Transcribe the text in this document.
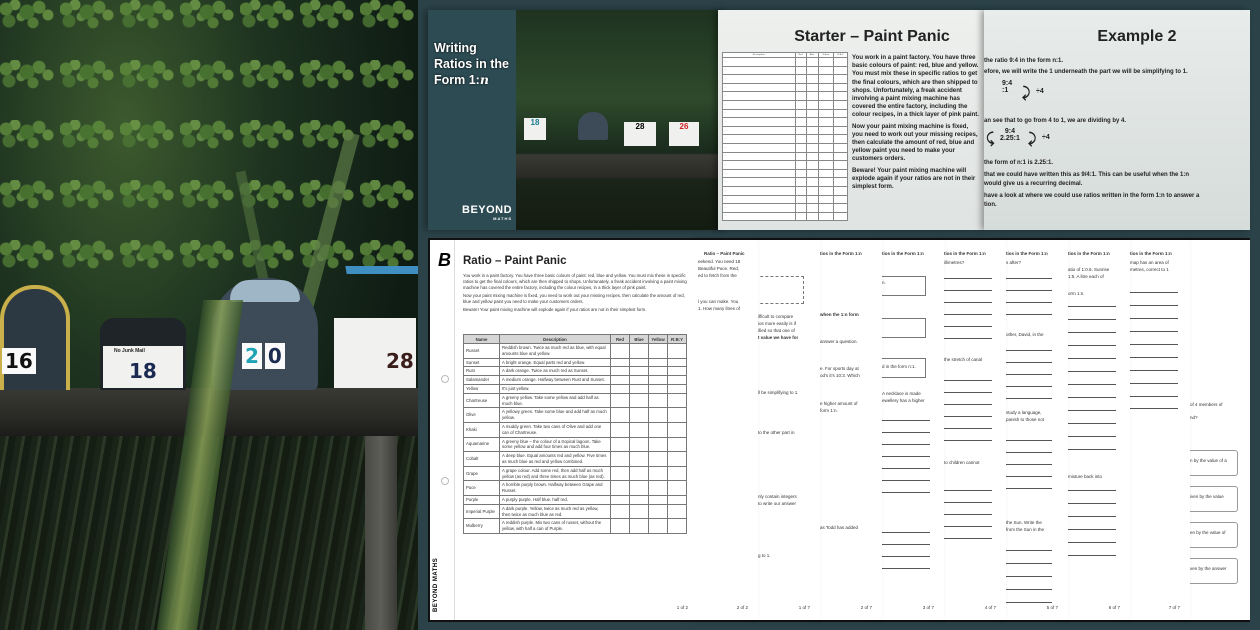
No Junk Mail
16	18
2 0	28
18	28	26
Writing
Ratios in the
Form 1:n
BEYOND
MATHS
Starter – Paint Panic
Description	Red	Blue	Yellow	R:B:Y
—				
—				
—				
—				
—				
—				
—				
—				
—				
—				
—				
—				
—				
—				
—				
—				
—				
—				
—				

You work in a paint factory. You have three basic colours of paint: red, blue and yellow. You must mix these in specific ratios to get the final colours, which are then shipped to shops. Unfortunately, a freak accident involving a paint mixing machine has covered the entire factory, including the colour recipes, in a thick layer of pink paint.

Now your paint mixing machine is fixed, you need to work out your missing recipes, then calculate the amount of red, blue and yellow paint you need to make your customers orders.

Beware! Your paint mixing machine will explode again if your ratios are not in their simplest form.

Example 2
the ratio 9:4 in the form n:1.
efore, we will write the 1 underneath the part we will be simplifying to 1.
9:4
:1 ⤸ ÷4
an see that to go from 4 to 1, we are dividing by 4.
⤹	9:4
2.25:1 ⤸ ÷4
the form of n:1 is 2.25:1.
that we could have written this as 9/4:1. This can be useful when the 1:n
would give us a recurring decimal.
have a look at where we could use ratios written in the form 1:n to answer a
tion.
of 4 members of
nd?
n by the value of a
iven by the value
en by the value of
ven by the answer
tios in the Form 1:n
map has an area of
metres, correct to 1
7 of 7
tios in the Form 1:n
atio of 1:0.6. Sunrise
1:5. A litre each of
orm 1:n.
mixture back into
6 of 7
tios in the Form 1:n
s after?
other, David, in the
study a language,
panish to those not
the Sun. Write the
from the Sun in the
5 of 7
tios in the Form 1:n
illimetres?
the stretch of canal
to children cannot
4 of 7
tios in the Form 1:n
n.
d in the form n:1.
A necklace is made
ewellery has a higher
3 of 7
tios in the Form 1:n
when the 1:n form
answer a question.
e. For sports day at
od's it's 10:3. Which
e higher amount of
form 1:n.
as Todd has added
2 of 7
ifficult to compare
ios more easily is if
ified so that one of
t value we have for
ll be simplifying to 1.
to the other part in
nly contain integers
to write our answer
g to 1.
1 of 7
Ratio – Paint Panic
eekend. You need 18
Beautiful Puce. Red,
ed to fetch from the
l you can make. You
1. How many litres of
2 of 2
B
BEYOND MATHS
Ratio – Paint Panic

You work in a paint factory. You have three basic colours of paint: red, blue and yellow. You must mix these in specific ratios to get the final colours, which are then shipped to shops. Unfortunately, a freak accident involving a paint mixing machine has covered the entire factory, including the colour recipes, in a thick layer of pink paint.

Now your paint mixing machine is fixed, you need to work out your missing recipes, then calculate the amount of red, blue and yellow paint you need to make your customers orders.

Beware! Your paint mixing machine will explode again if your ratios are not in their simplest form.

Name	Description	Red	Blue	Yellow	R:B:Y
Russet	Reddish brown. Twice as much red as blue, with equal amounts blue and yellow.				
Sunset	A bright orange. Equal parts red and yellow.				
Rust	A dark orange. Twice as much red as Sunset.				
Salamander	A medium orange. Halfway between Rust and Sunset.				
Yellow	It's just yellow.				
Chartreuse	A greeny yellow. Take some yellow and add half as much blue.				
Olive	A yellowy green. Take some blue and add half as much yellow.				
Khaki	A muddy green. Take two cans of Olive and add one can of Chartreuse.				
Aquamarine	A greeny blue – the colour of a tropical lagoon. Take some yellow and add four times as much blue.				
Cobalt	A deep blue. Equal amounts red and yellow. Five times as much blue as red and yellow combined.				
Grape	A grape colour. Add some red, then add half as much yellow (as red) and three times as much blue (as red).				
Puce	A horrible purply brown. Halfway between Grape and Russet.				
Purple	A purply purple. Half blue, half red.				
Imperial Purple	A dark purple. Yellow, twice as much red as yellow, then twice as much blue as red.				
Mulberry	A reddish purple. Mix two cans of russet, without the yellow, with half a can of Purple.				
1 of 2
